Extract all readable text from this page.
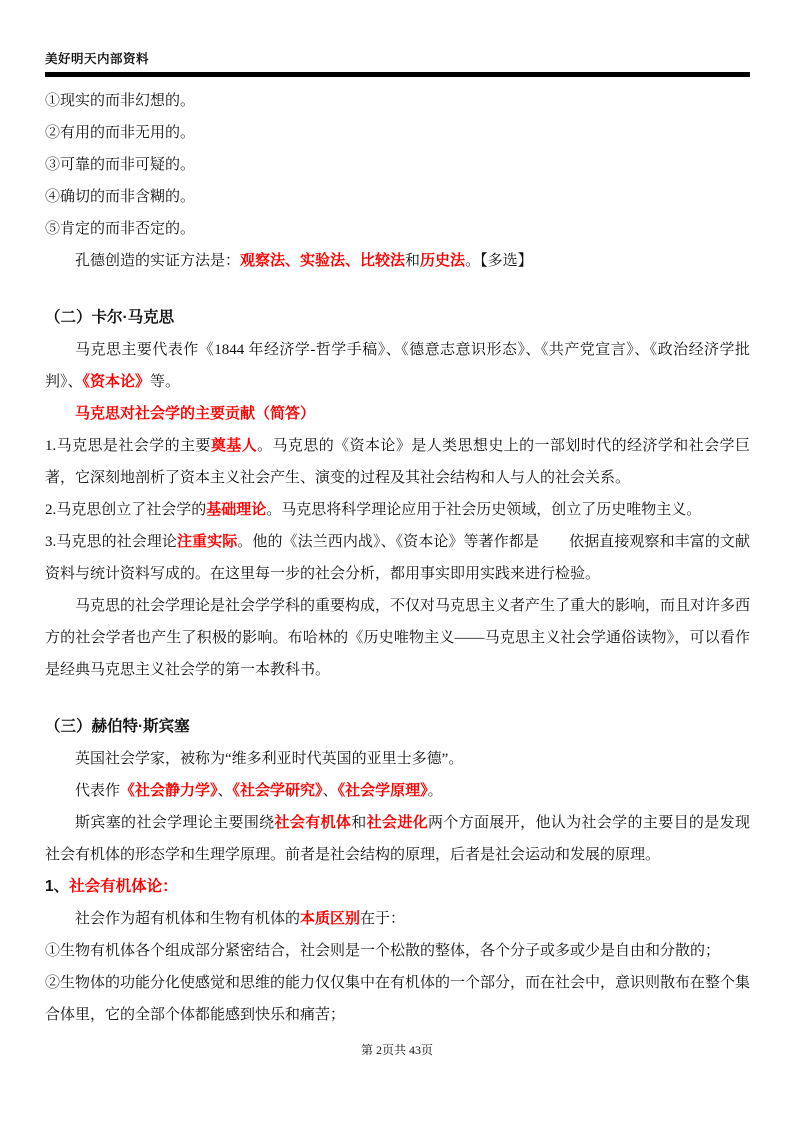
美好明天内部资料

①现实的而非幻想的。

②有用的而非无用的。

③可靠的而非可疑的。

④确切的而非含糊的。

⑤肯定的而非否定的。

孔德创造的实证方法是：观察法、实验法、比较法和历史法。【多选】

（二）卡尔·马克思

马克思主要代表作《1844 年经济学-哲学手稿》、《德意志意识形态》、《共产党宣言》、《政治经济学批判》、《资本论》等。

马克思对社会学的主要贡献（简答）

1.马克思是社会学的主要奠基人。马克思的《资本论》是人类思想史上的一部划时代的经济学和社会学巨著，它深刻地剖析了资本主义社会产生、演变的过程及其社会结构和人与人的社会关系。

2.马克思创立了社会学的基础理论。马克思将科学理论应用于社会历史领域，创立了历史唯物主义。

3.马克思的社会理论注重实际。他的《法兰西内战》、《资本论》等著作都是　　依据直接观察和丰富的文献资料与统计资料写成的。在这里每一步的社会分析，都用事实即用实践来进行检验。

马克思的社会学理论是社会学学科的重要构成，不仅对马克思主义者产生了重大的影响，而且对许多西方的社会学者也产生了积极的影响。布哈林的《历史唯物主义——马克思主义社会学通俗读物》，可以看作是经典马克思主义社会学的第一本教科书。

（三）赫伯特·斯宾塞

英国社会学家，被称为“维多利亚时代英国的亚里士多德”。

代表作《社会静力学》、《社会学研究》、《社会学原理》。

斯宾塞的社会学理论主要围绕社会有机体和社会进化两个方面展开，他认为社会学的主要目的是发现社会有机体的形态学和生理学原理。前者是社会结构的原理，后者是社会运动和发展的原理。

1、社会有机体论：

社会作为超有机体和生物有机体的本质区别在于：

①生物有机体各个组成部分紧密结合，社会则是一个松散的整体，各个分子或多或少是自由和分散的；

②生物体的功能分化使感觉和思维的能力仅仅集中在有机体的一个部分，而在社会中，意识则散布在整个集合体里，它的全部个体都能感到快乐和痛苦；

第 2页共 43页
